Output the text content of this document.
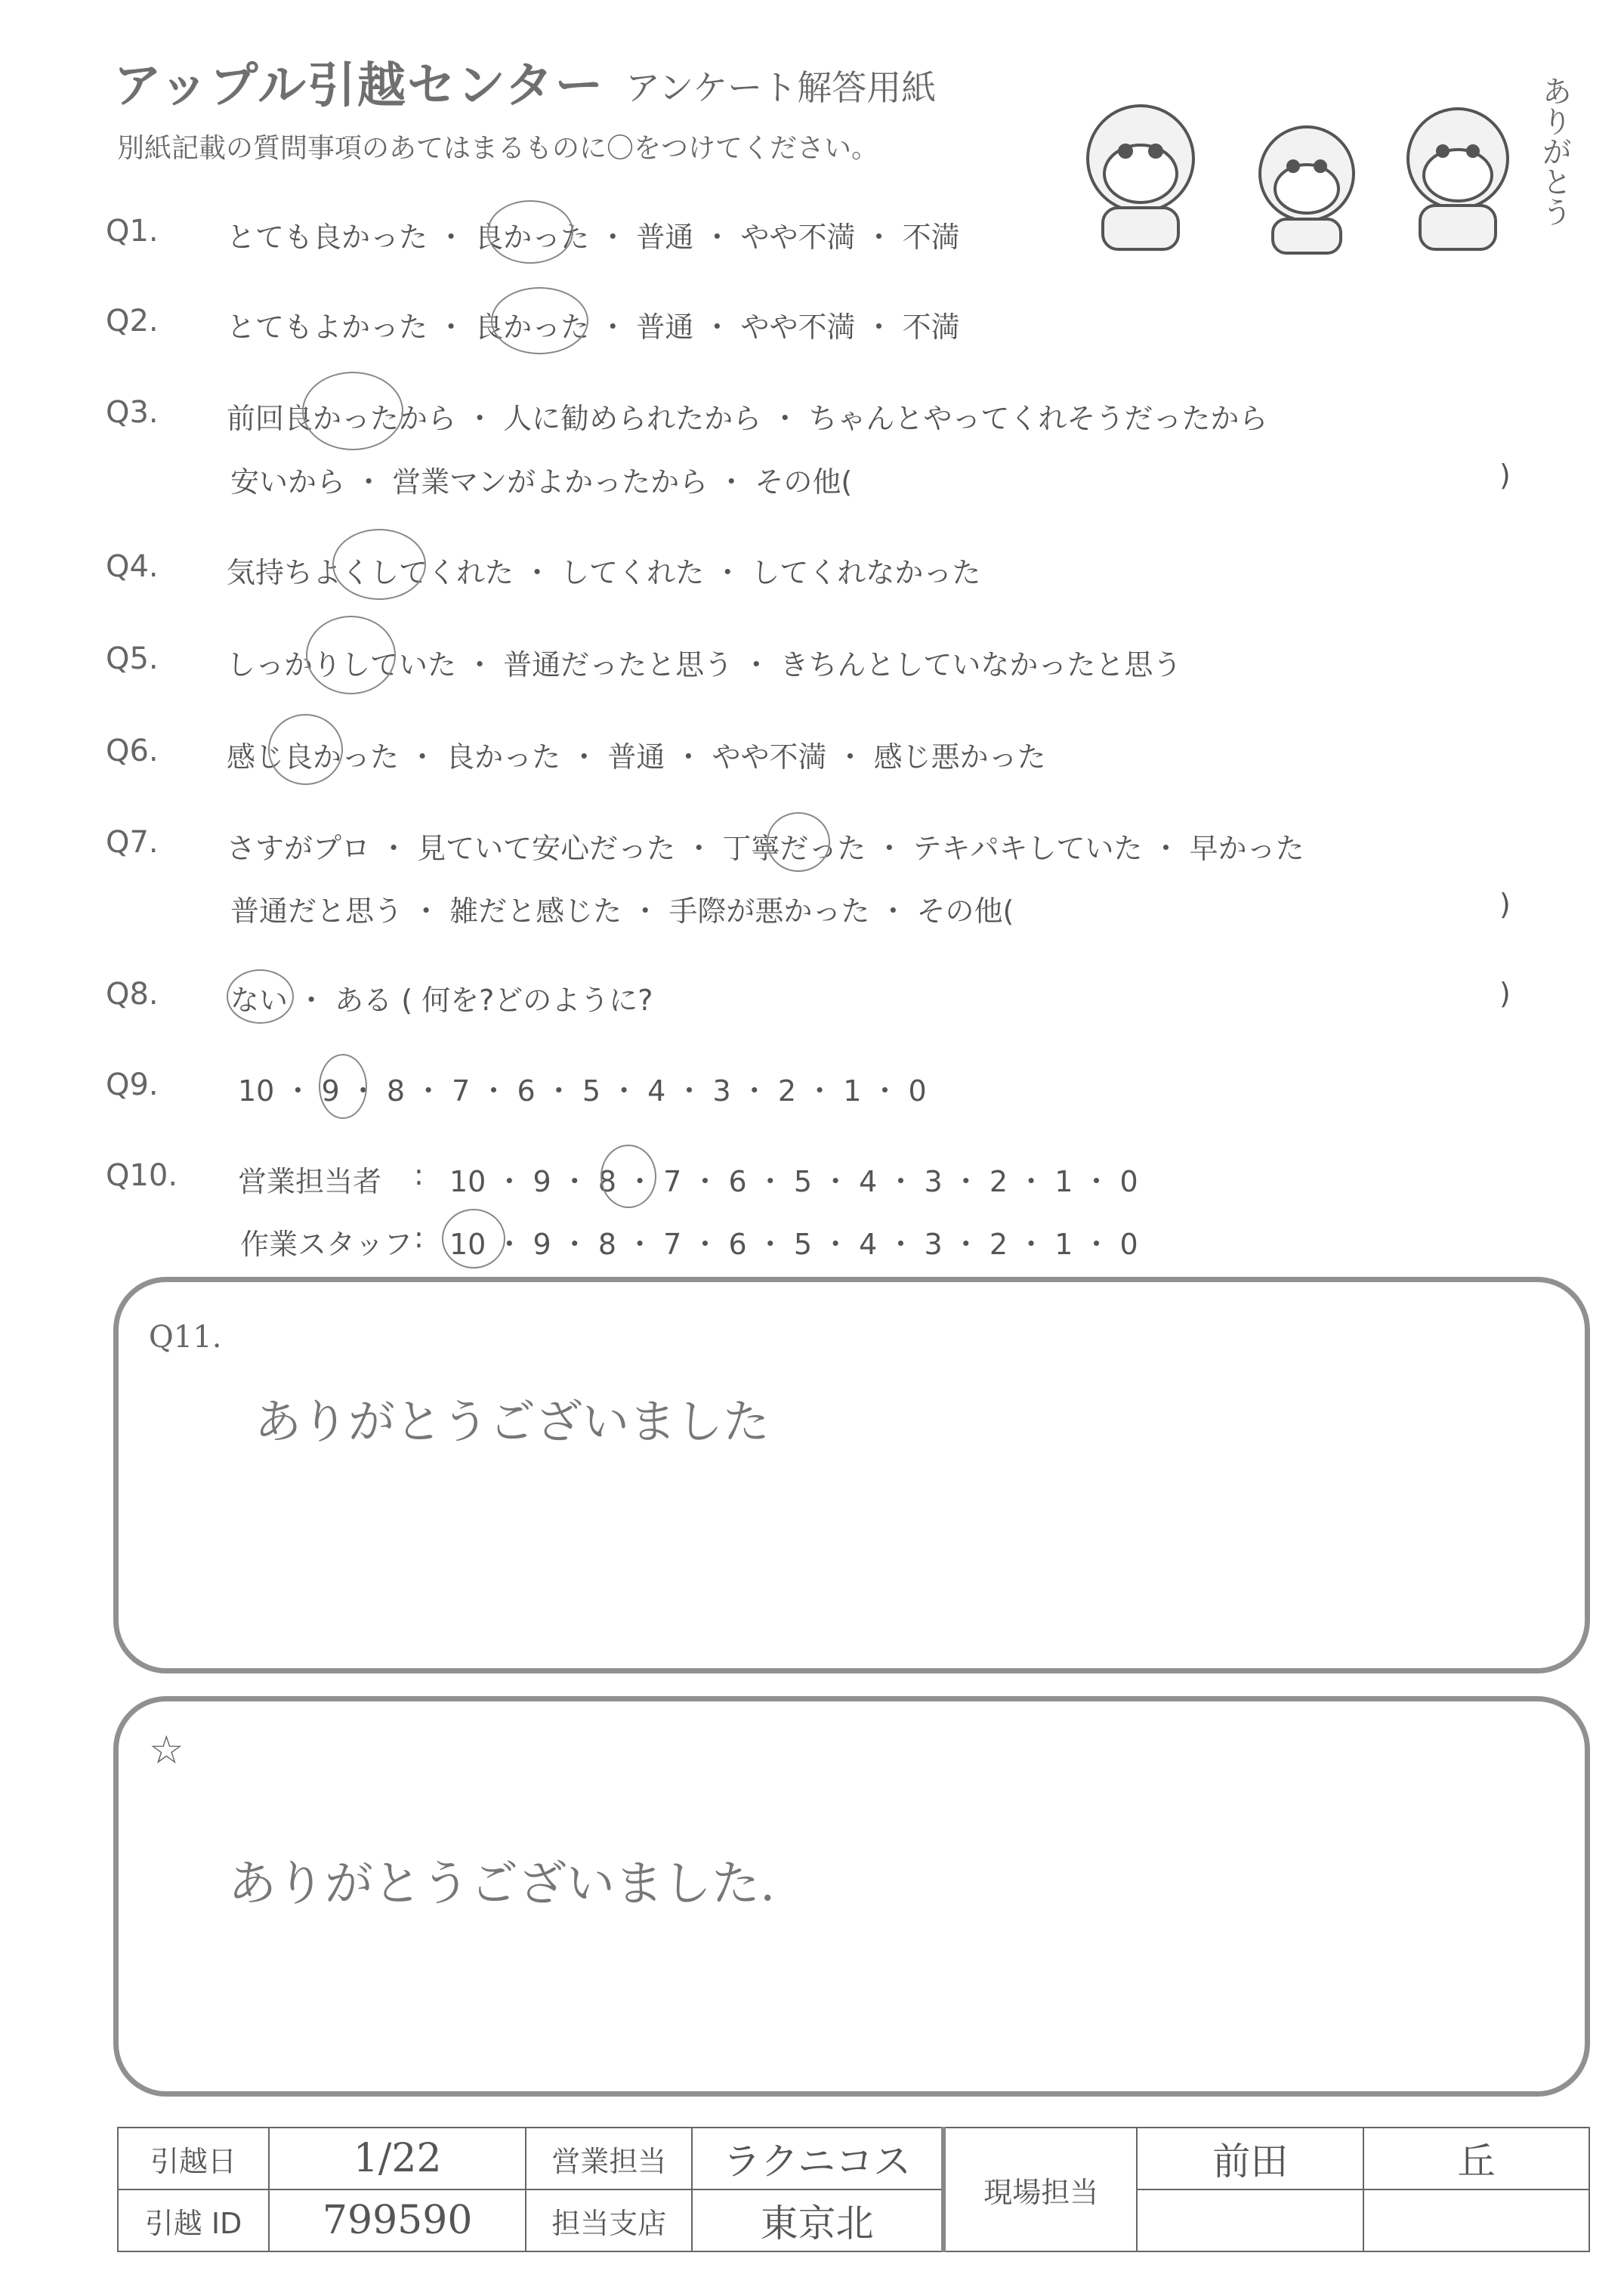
アップル引越センター アンケート解答用紙
別紙記載の質問事項のあてはまるものに〇をつけてください。	ありがとう
Q1. とても良かった ・ 良かった ・ 普通 ・ やや不満 ・ 不満
Q2. とてもよかった ・ 良かった ・ 普通 ・ やや不満 ・ 不満
Q3. 前回良かったから ・ 人に勧められたから ・ ちゃんとやってくれそうだったから
安いから ・ 営業マンがよかったから ・ その他(	)
Q4. 気持ちよくしてくれた ・ してくれた ・ してくれなかった
Q5. しっかりしていた ・ 普通だったと思う ・ きちんとしていなかったと思う
Q6. 感じ良かった ・ 良かった ・ 普通 ・ やや不満 ・ 感じ悪かった
Q7. さすがプロ ・ 見ていて安心だった ・ 丁寧だった ・ テキパキしていた ・ 早かった
普通だと思う ・ 雑だと感じた ・ 手際が悪かった ・ その他(	)
Q8.	ない ・ ある ( 何を?どのように?	)
Q9.	10 ・ 9 ・ 8 ・ 7 ・ 6 ・ 5 ・ 4 ・ 3 ・ 2 ・ 1 ・ 0
Q10. 営業担当者 : 10 ・ 9 ・ 8 ・ 7 ・ 6 ・ 5 ・ 4 ・ 3 ・ 2 ・ 1 ・ 0
作業スタッフ : 10 ・ 9 ・ 8 ・ 7 ・ 6 ・ 5 ・ 4 ・ 3 ・ 2 ・ 1 ・ 0
Q11.
ありがとうございました
☆
ありがとうございました.
引越日	1/22	営業担当	ラクニコス	現場担当	前田	丘
引越 ID	799590	担当支店	東京北			
